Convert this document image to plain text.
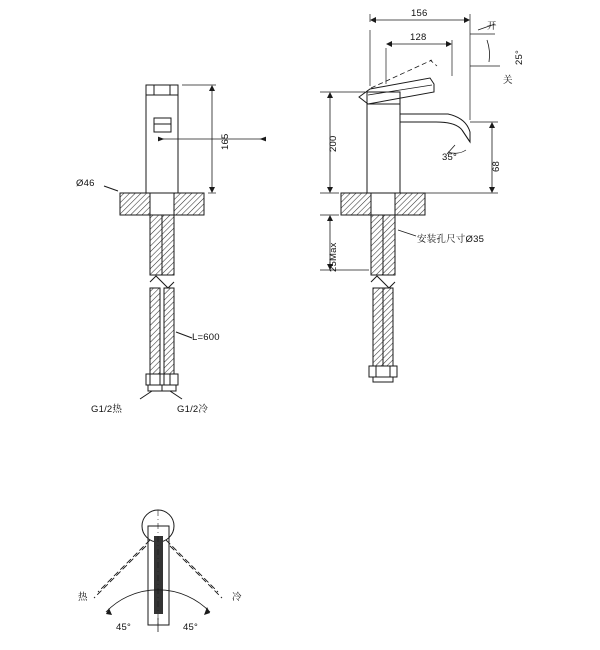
165
Ø46
L=600
G1/2热	G1/2冷
156
128
200
68
25Max
25°
35°
开
关
安装孔尺寸Ø35
热	冷
45°	45°
